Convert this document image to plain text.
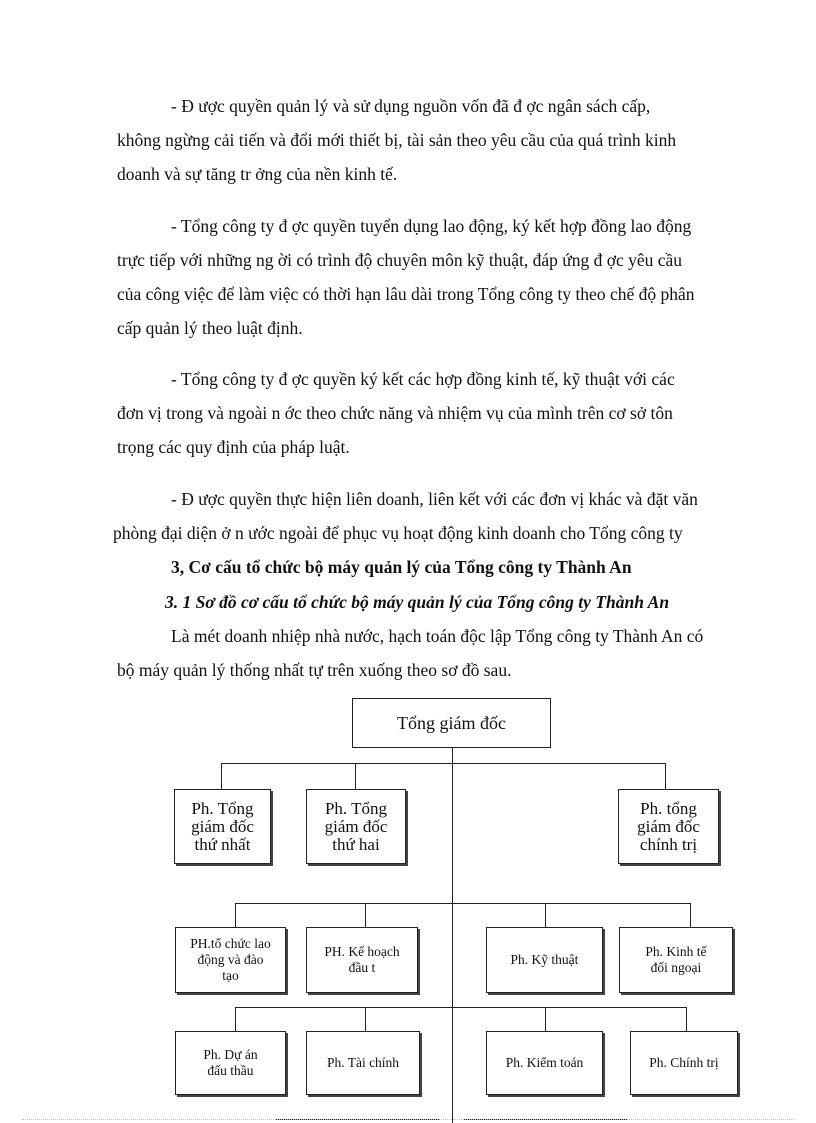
- Đ ược quyền quản lý và sử dụng nguồn vốn đã đ ợc ngân sách cấp,
không ngừng cải tiến và đổi mới thiết bị, tài sản theo yêu cầu của quá trình kinh
doanh và sự tăng tr ởng của nền kinh tế.
- Tổng công ty đ ợc quyền tuyển dụng lao động, ký kết hợp đồng lao động
trực tiếp với những ng ời có trình độ chuyên môn kỹ thuật, đáp ứng đ ợc yêu cầu
của công việc để làm việc có thời hạn lâu dài trong Tổng công ty theo chế độ phân
cấp quản lý theo luật định.
- Tổng công ty đ ợc quyền ký kết các hợp đồng kinh tế, kỹ thuật với các
đơn vị trong và ngoài n ớc theo chức năng và nhiệm vụ của mình trên cơ sở tôn
trọng các quy định của pháp luật.
- Đ ược quyền thực hiện liên doanh, liên kết với các đơn vị khác và đặt văn
phòng đại diện ở n ước ngoài để phục vụ hoạt động kinh doanh cho Tổng công ty
3, Cơ cấu tổ chức bộ máy quản lý của Tổng công ty Thành An
3. 1 Sơ đồ cơ cấu tổ chức bộ máy quản lý của Tổng công ty Thành An
Là mét doanh nhiệp nhà nước, hạch toán độc lập Tổng công ty Thành An có
bộ máy quản lý thống nhất tự trên xuống theo sơ đồ sau.
Tổng giám đốc
Ph. Tổng
giám đốc
thứ nhất
Ph. Tổng
giám đốc
thứ hai
Ph. tổng
giám đốc
chính trị
PH.tổ chức lao
động và đào
tạo
PH. Kế hoạch
đầu t
Ph. Kỹ thuật
Ph. Kinh tế
đối ngoại
Ph. Dự án
đấu thầu
Ph. Tài chính	Ph. Kiểm toán	Ph. Chính trị
